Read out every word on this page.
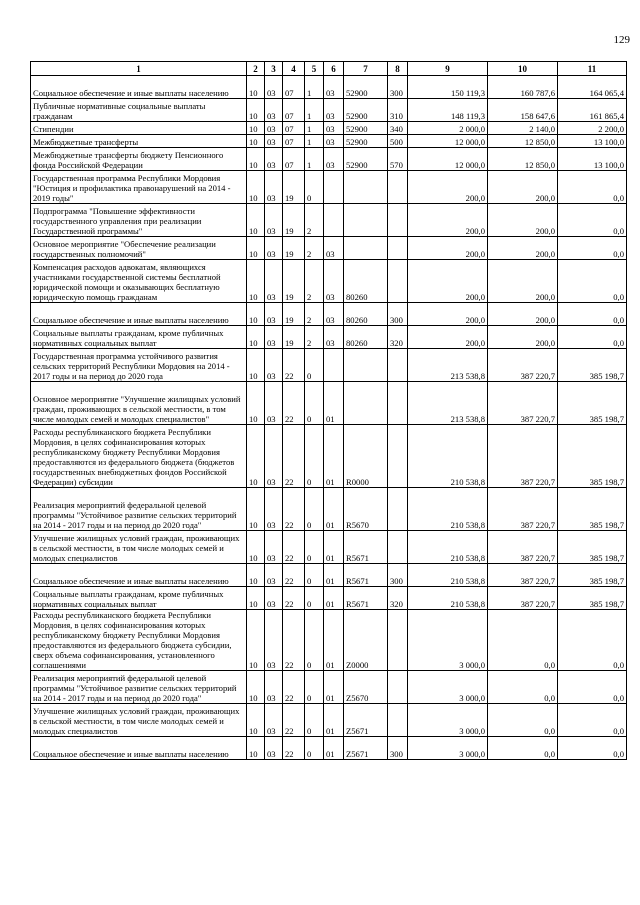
129
1	2	3	4	5	6	7	8	9	10	11
Социальное обеспечение и иные выплаты населению	10	03	07	1	03	52900	300	150 119,3	160 787,6	164 065,4
Публичные нормативные социальные выплаты гражданам	10	03	07	1	03	52900	310	148 119,3	158 647,6	161 865,4
Стипендии	10	03	07	1	03	52900	340	2 000,0	2 140,0	2 200,0
Межбюджетные трансферты	10	03	07	1	03	52900	500	12 000,0	12 850,0	13 100,0
Межбюджетные трансферты бюджету Пенсионного фонда Российской Федерации	10	03	07	1	03	52900	570	12 000,0	12 850,0	13 100,0
Государственная программа Республики Мордовия "Юстиция и профилактика правонарушений на 2014 - 2019 годы"	10	03	19	0				200,0	200,0	0,0
Подпрограмма "Повышение эффективности государственного управления при реализации Государственной программы"	10	03	19	2				200,0	200,0	0,0
Основное мероприятие "Обеспечение реализации государственных полномочий"	10	03	19	2	03			200,0	200,0	0,0
Компенсация расходов адвокатам, являющихся участниками государственной системы бесплатной юридической помощи и оказывающих бесплатную юридическую помощь гражданам	10	03	19	2	03	80260		200,0	200,0	0,0
Социальное обеспечение и иные выплаты населению	10	03	19	2	03	80260	300	200,0	200,0	0,0
Социальные выплаты гражданам, кроме публичных нормативных социальных выплат	10	03	19	2	03	80260	320	200,0	200,0	0,0
Государственная программа устойчивого развития сельских территорий Республики Мордовия на 2014 - 2017 годы и на период до 2020 года	10	03	22	0				213 538,8	387 220,7	385 198,7
Основное мероприятие "Улучшение жилищных условий граждан, проживающих в сельской местности, в том числе молодых семей и молодых специалистов"	10	03	22	0	01			213 538,8	387 220,7	385 198,7
Расходы республиканского бюджета Республики Мордовия, в целях софинансирования которых республиканскому бюджету Республики Мордовия предоставляются из федерального бюджета (бюджетов государственных внебюджетных фондов Российской Федерации) субсидии	10	03	22	0	01	R0000		210 538,8	387 220,7	385 198,7
Реализация мероприятий федеральной целевой программы "Устойчивое развитие сельских территорий на 2014 - 2017 годы и на период до 2020 года"	10	03	22	0	01	R5670		210 538,8	387 220,7	385 198,7
Улучшение жилищных условий граждан, проживающих в сельской местности, в том числе молодых семей и молодых специалистов	10	03	22	0	01	R5671		210 538,8	387 220,7	385 198,7
Социальное обеспечение и иные выплаты населению	10	03	22	0	01	R5671	300	210 538,8	387 220,7	385 198,7
Социальные выплаты гражданам, кроме публичных нормативных социальных выплат	10	03	22	0	01	R5671	320	210 538,8	387 220,7	385 198,7
Расходы республиканского бюджета Республики Мордовия, в целях софинансирования которых республиканскому бюджету Республики Мордовия предоставляются из федерального бюджета субсидии, сверх объема софинансирования, установленного соглашениями	10	03	22	0	01	Z0000		3 000,0	0,0	0,0
Реализация мероприятий федеральной целевой программы "Устойчивое развитие сельских территорий на 2014 - 2017 годы и на период до 2020 года"	10	03	22	0	01	Z5670		3 000,0	0,0	0,0
Улучшение жилищных условий граждан, проживающих в сельской местности, в том числе молодых семей и молодых специалистов	10	03	22	0	01	Z5671		3 000,0	0,0	0,0
Социальное обеспечение и иные выплаты населению	10	03	22	0	01	Z5671	300	3 000,0	0,0	0,0
